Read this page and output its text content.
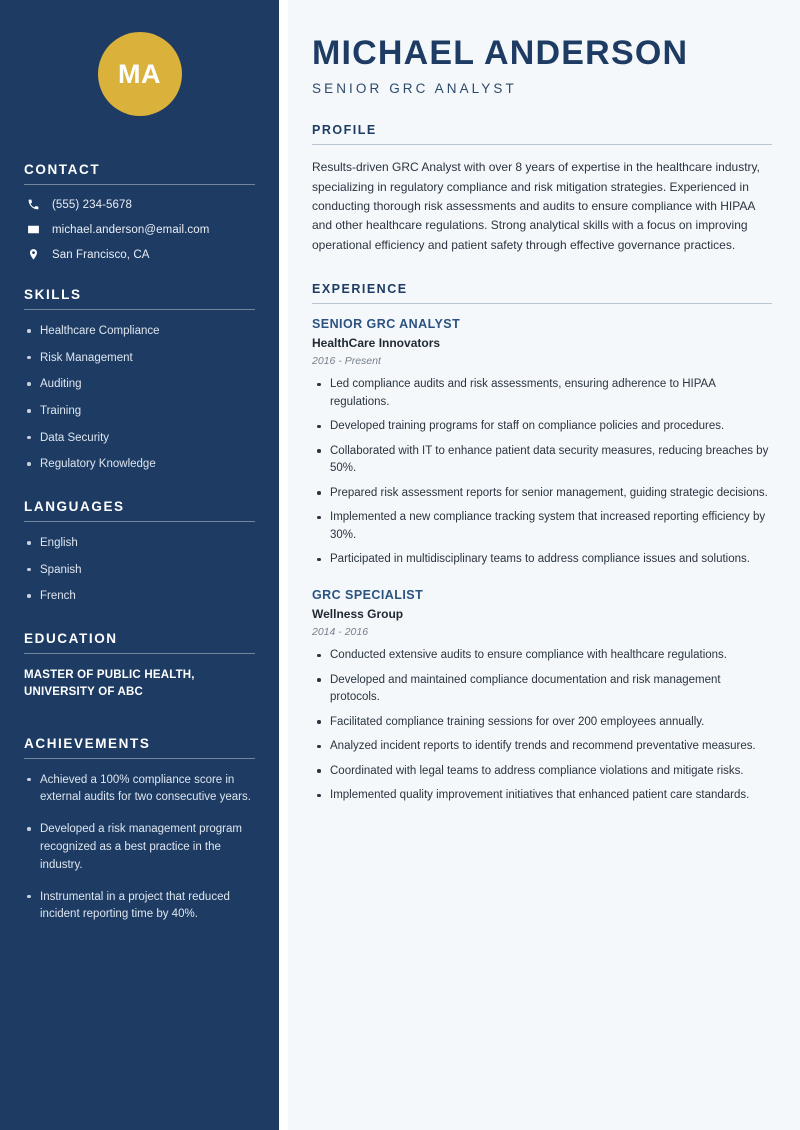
MA
CONTACT
(555) 234-5678
michael.anderson@email.com
San Francisco, CA
SKILLS
Healthcare Compliance
Risk Management
Auditing
Training
Data Security
Regulatory Knowledge
LANGUAGES
English
Spanish
French
EDUCATION
MASTER OF PUBLIC HEALTH,
UNIVERSITY OF ABC
ACHIEVEMENTS
Achieved a 100% compliance score in external audits for two consecutive years.
Developed a risk management program recognized as a best practice in the industry.
Instrumental in a project that reduced incident reporting time by 40%.
MICHAEL ANDERSON
SENIOR GRC ANALYST
PROFILE

Results-driven GRC Analyst with over 8 years of expertise in the healthcare industry, specializing in regulatory compliance and risk mitigation strategies. Experienced in conducting thorough risk assessments and audits to ensure compliance with HIPAA and other healthcare regulations. Strong analytical skills with a focus on improving operational efficiency and patient safety through effective governance practices.

EXPERIENCE
SENIOR GRC ANALYST
HealthCare Innovators
2016 - Present
Led compliance audits and risk assessments, ensuring adherence to HIPAA regulations.
Developed training programs for staff on compliance policies and procedures.
Collaborated with IT to enhance patient data security measures, reducing breaches by 50%.
Prepared risk assessment reports for senior management, guiding strategic decisions.
Implemented a new compliance tracking system that increased reporting efficiency by 30%.
Participated in multidisciplinary teams to address compliance issues and solutions.
GRC SPECIALIST
Wellness Group
2014 - 2016
Conducted extensive audits to ensure compliance with healthcare regulations.
Developed and maintained compliance documentation and risk management protocols.
Facilitated compliance training sessions for over 200 employees annually.
Analyzed incident reports to identify trends and recommend preventative measures.
Coordinated with legal teams to address compliance violations and mitigate risks.
Implemented quality improvement initiatives that enhanced patient care standards.
